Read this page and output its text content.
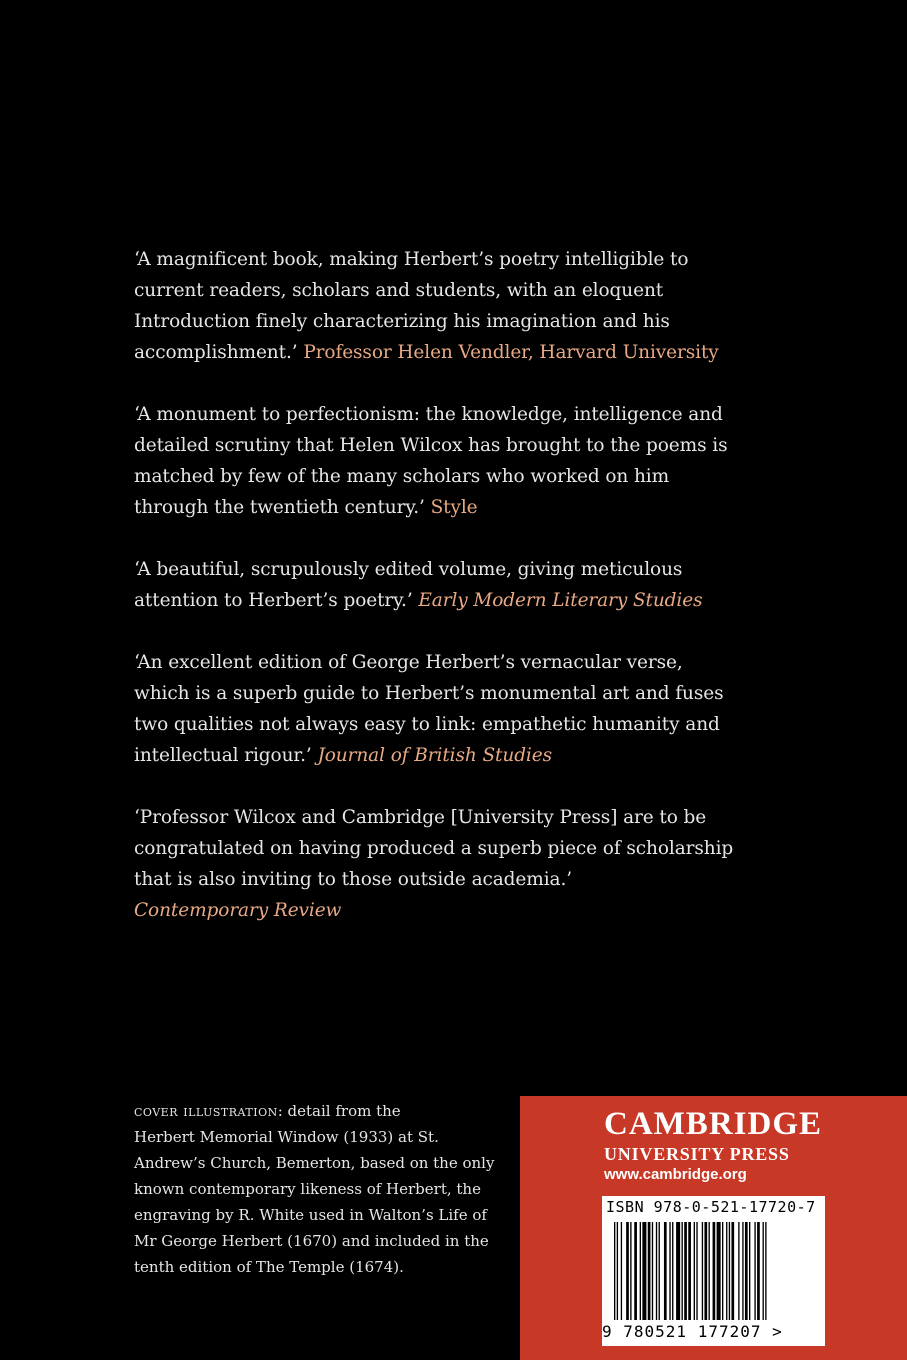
‘A magnificent book, making Herbert’s poetry intelligible to
current readers, scholars and students, with an eloquent
Introduction finely characterizing his imagination and his
accomplishment.’ Professor Helen Vendler, Harvard University

‘A monument to perfectionism: the knowledge, intelligence and
detailed scrutiny that Helen Wilcox has brought to the poems is
matched by few of the many scholars who worked on him
through the twentieth century.’ Style

‘A beautiful, scrupulously edited volume, giving meticulous
attention to Herbert’s poetry.’ Early Modern Literary Studies

‘An excellent edition of George Herbert’s vernacular verse,
which is a superb guide to Herbert’s monumental art and fuses
two qualities not always easy to link: empathetic humanity and
intellectual rigour.’ Journal of British Studies

‘Professor Wilcox and Cambridge [University Press] are to be
congratulated on having produced a superb piece of scholarship
that is also inviting to those outside academia.’
Contemporary Review

cover illustration: detail from the
Herbert Memorial Window (1933) at St.
Andrew’s Church, Bemerton, based on the only
known contemporary likeness of Herbert, the
engraving by R. White used in Walton’s Life of
Mr George Herbert (1670) and included in the
tenth edition of The Temple (1674).
CAMBRIDGE
UNIVERSITY PRESS
www.cambridge.org
ISBN 978-0-521-17720-7
9 780521 177207 >
